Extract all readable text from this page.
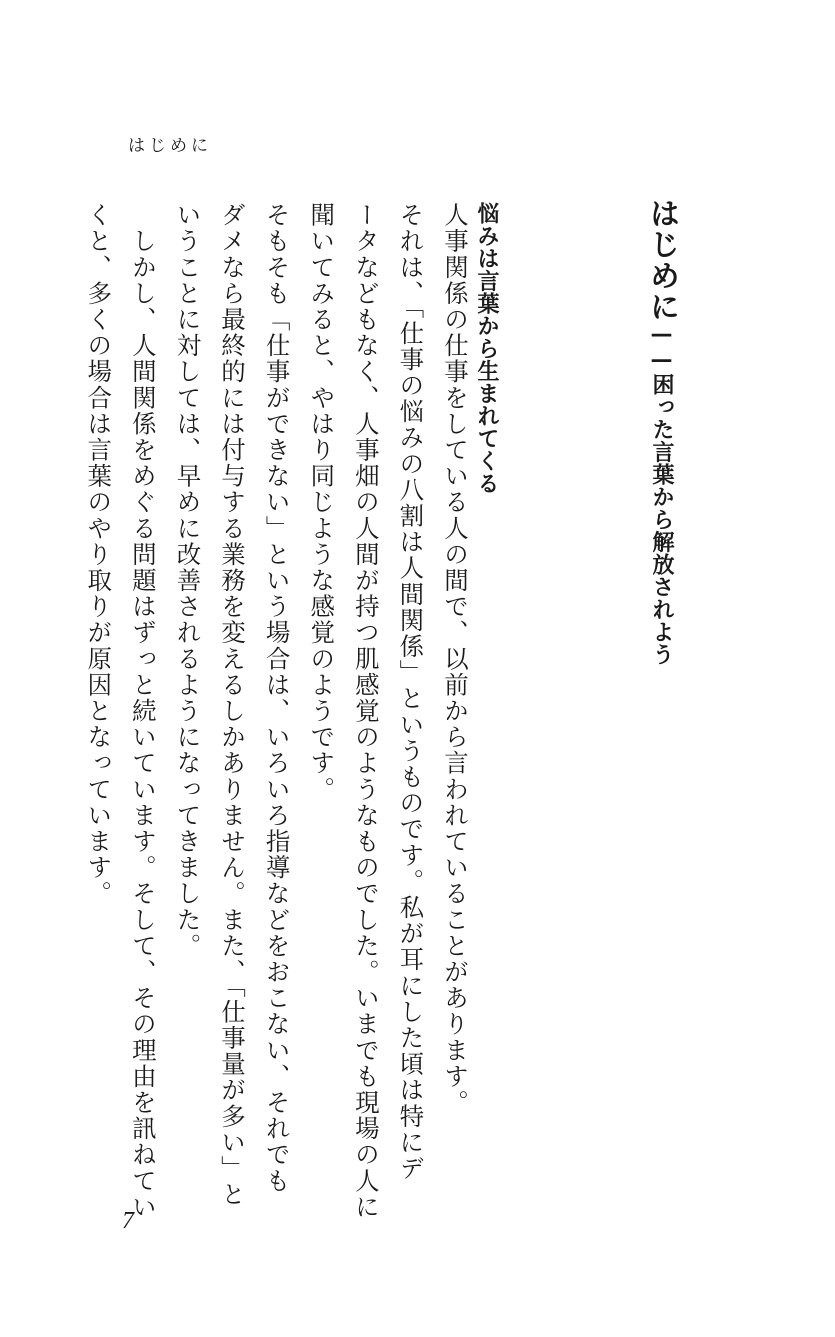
はじめに
はじめに——困った言葉から解放されよう
悩みは言葉から生まれてくる
人事関係の仕事をしている人の間で、以前から言われていることがあります。
それは、「仕事の悩みの八割は人間関係」というものです。私が耳にした頃は特にデ
ータなどもなく、人事畑の人間が持つ肌感覚のようなものでした。いまでも現場の人に
聞いてみると、やはり同じような感覚のようです。
そもそも「仕事ができない」という場合は、いろいろ指導などをおこない、それでも
ダメなら最終的には付与する業務を変えるしかありません。また、「仕事量が多い」と
いうことに対しては、早めに改善されるようになってきました。
　しかし、人間関係をめぐる問題はずっと続いています。そして、その理由を訊ねてい
くと、多くの場合は言葉のやり取りが原因となっています。
7
